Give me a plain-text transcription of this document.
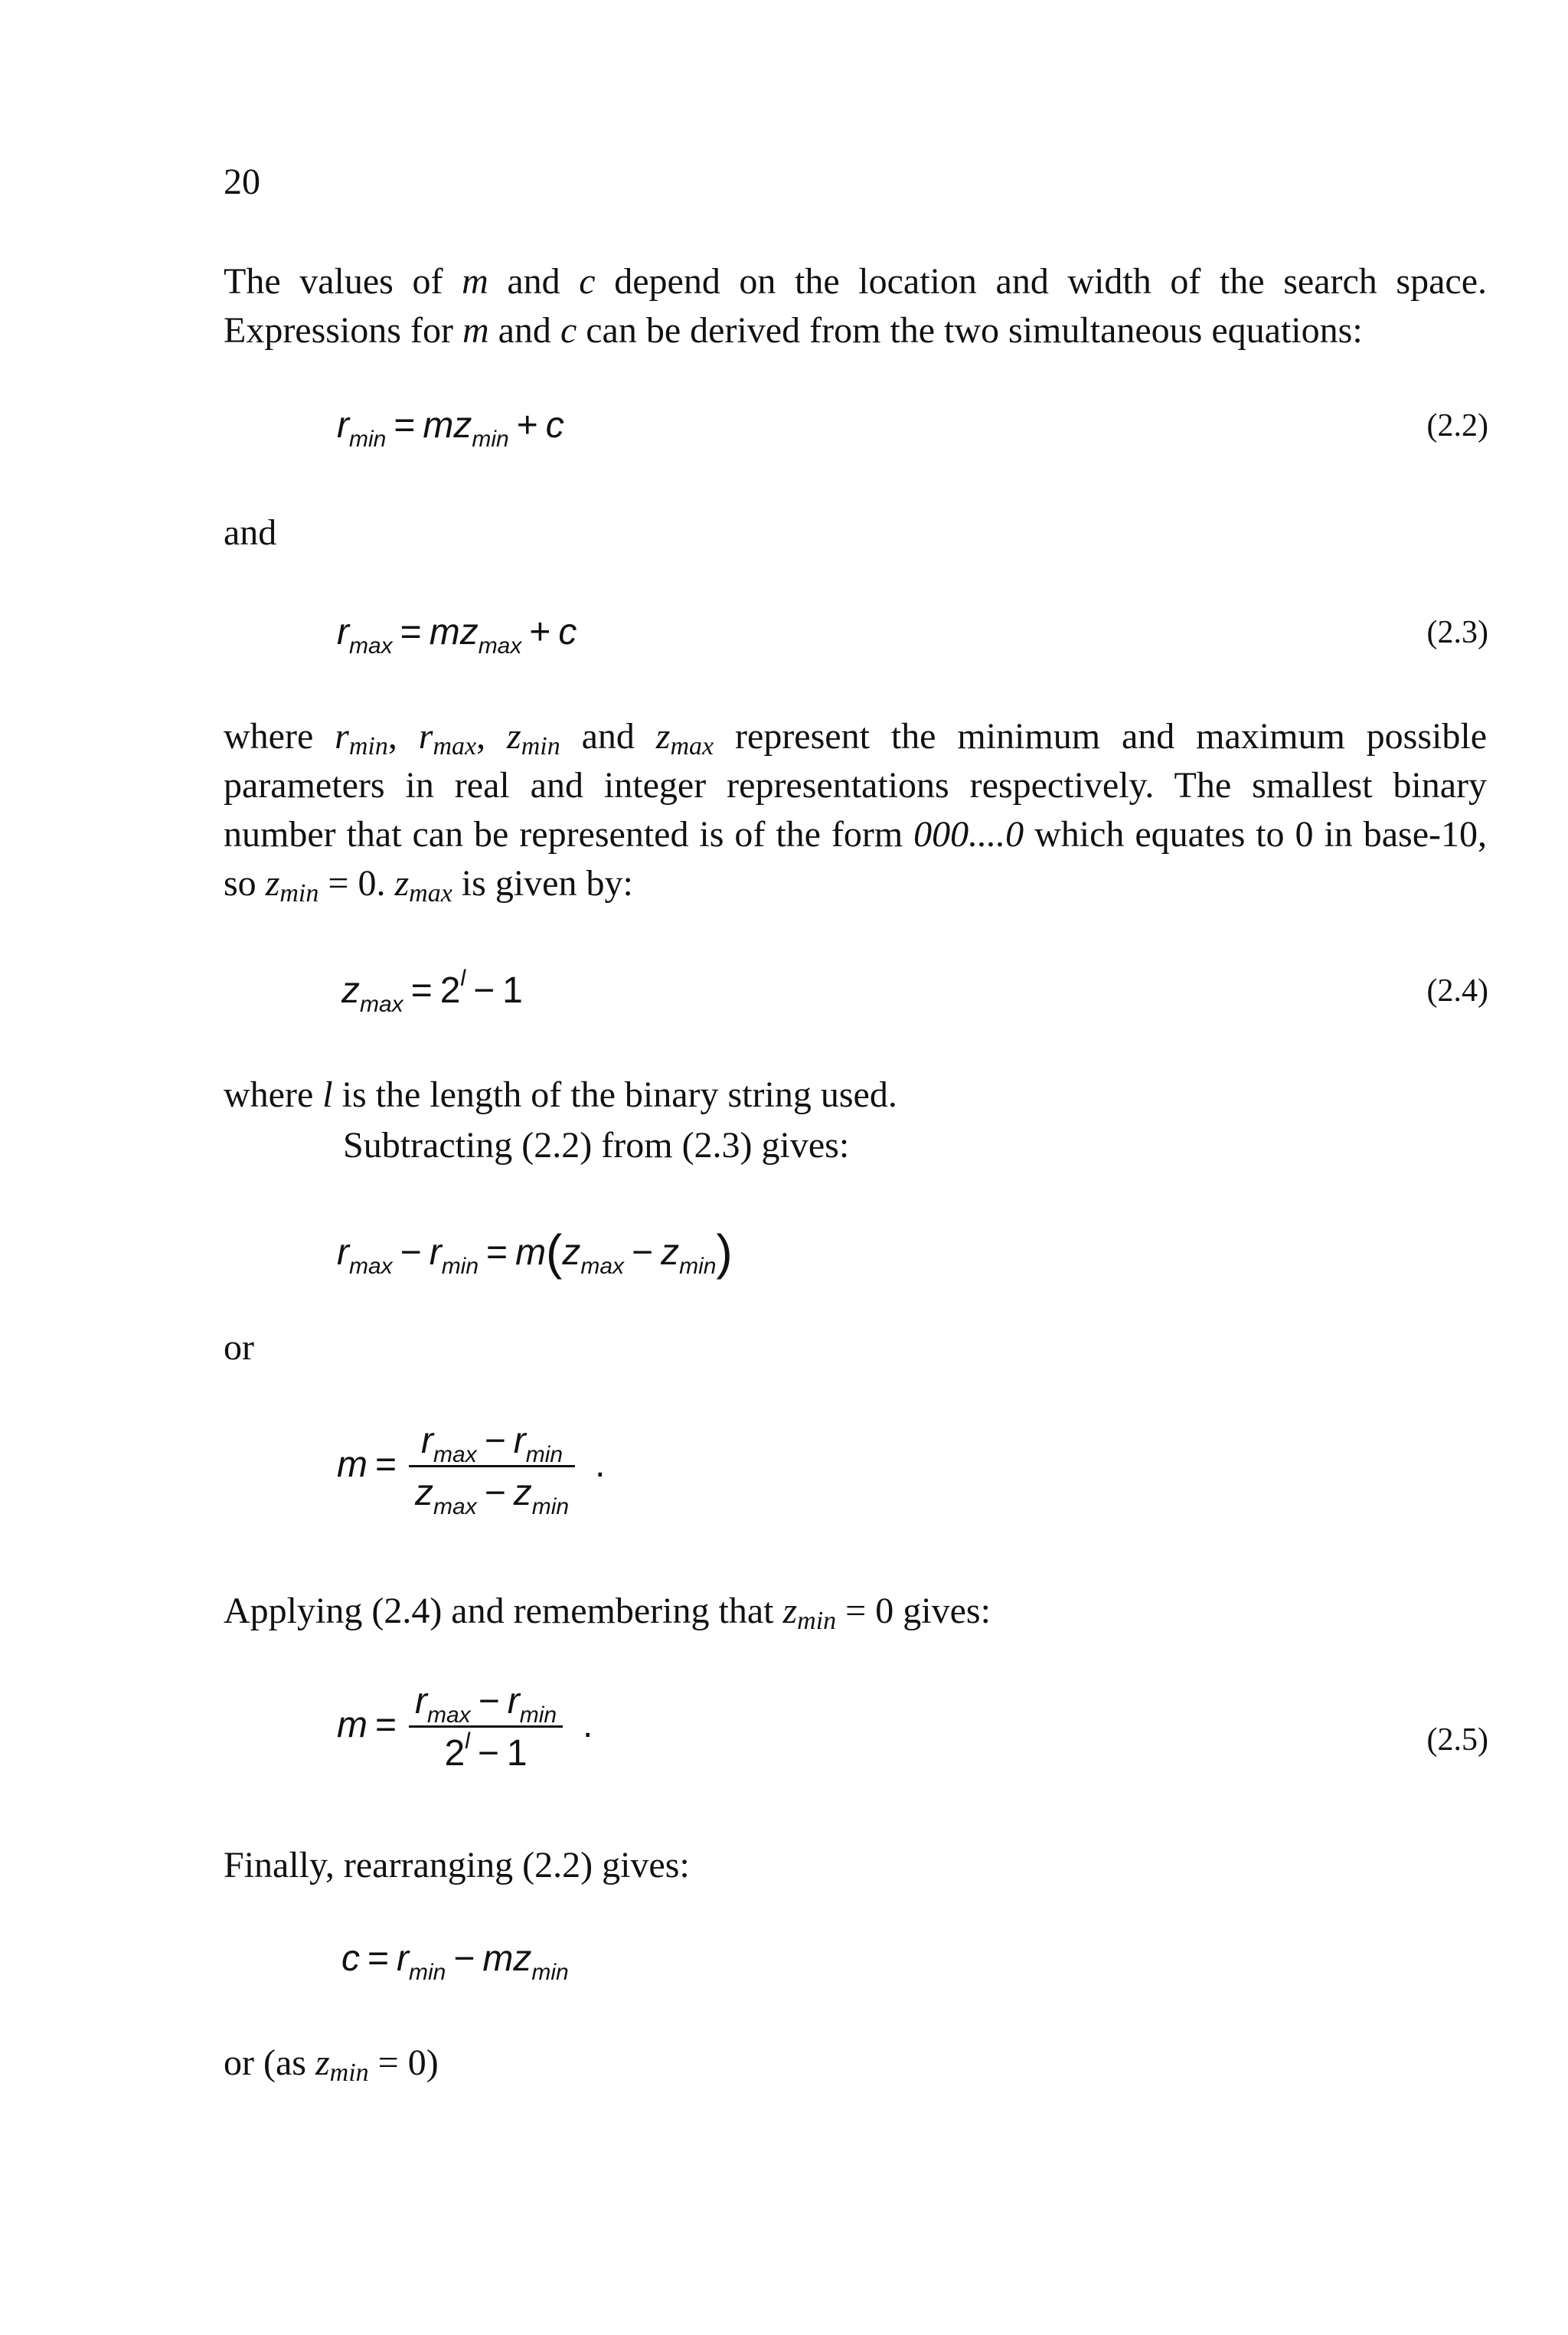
20
The values of m and c depend on the location and width of the search space. Expressions for m and c can be derived from the two simultaneous equations:
$r_{min} = mz_{min} + c$	(2.2)
and
$r_{max} = mz_{max} + c$	(2.3)
where $r_{min}$, $r_{max}$, $z_{min}$ and $z_{max}$ represent the minimum and maximum possible parameters in real and integer representations respectively. The smallest binary number that can be represented is of the form 000....0 which equates to 0 in base-10, so $z_{min} = 0$. $z_{max}$ is given by:
$z_{max} = 2^l - 1$	(2.4)
where l is the length of the binary string used.
Subtracting (2.2) from (2.3) gives:
$r_{max} - r_{min} = m(z_{max} - z_{min})$
or
$m = \frac{r_{max} - r_{min}}{z_{max} - z_{min}}$ .
Applying (2.4) and remembering that $z_{min} = 0$ gives:
$m = \frac{r_{max} - r_{min}}{2^l - 1}$ .	(2.5)
Finally, rearranging (2.2) gives:
$c = r_{min} - mz_{min}$
or (as $z_{min} = 0$)
